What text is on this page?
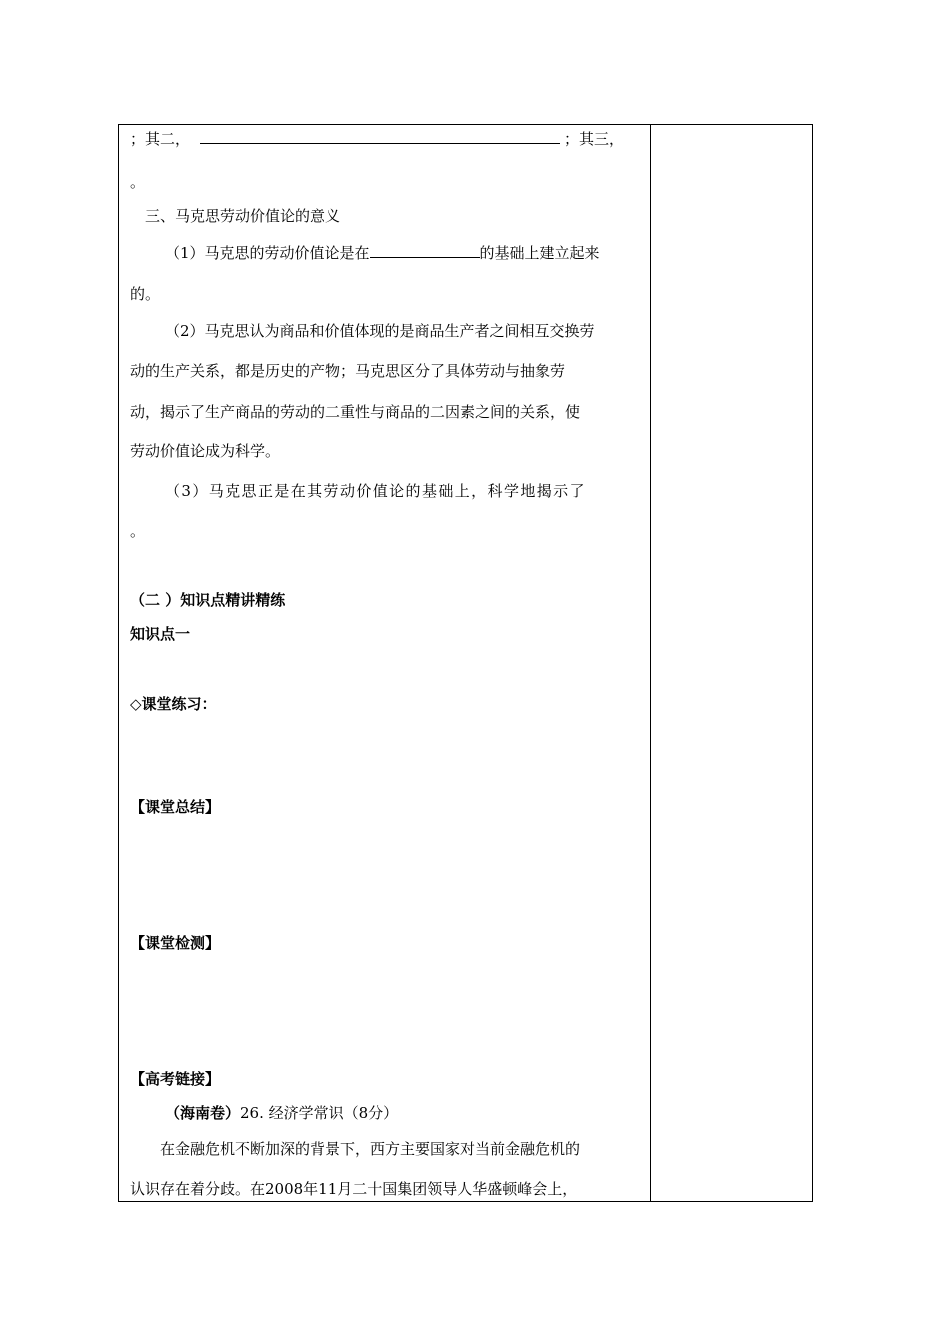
；其二，	；其三，
。
三、马克思劳动价值论的意义
（1）马克思的劳动价值论是在	的基础上建立起来
的。
（2）马克思认为商品和价值体现的是商品生产者之间相互交换劳
动的生产关系，都是历史的产物；马克思区分了具体劳动与抽象劳
动，揭示了生产商品的劳动的二重性与商品的二因素之间的关系，使
劳动价值论成为科学。
（3）马克思正是在其劳动价值论的基础上，科学地揭示了
。
（二 ）知识点精讲精练
知识点一
◇课堂练习：
【课堂总结】
【课堂检测】
【高考链接】
（海南卷）26. 经济学常识（8分）
在金融危机不断加深的背景下，西方主要国家对当前金融危机的
认识存在着分歧。在2008年11月二十国集团领导人华盛顿峰会上，
